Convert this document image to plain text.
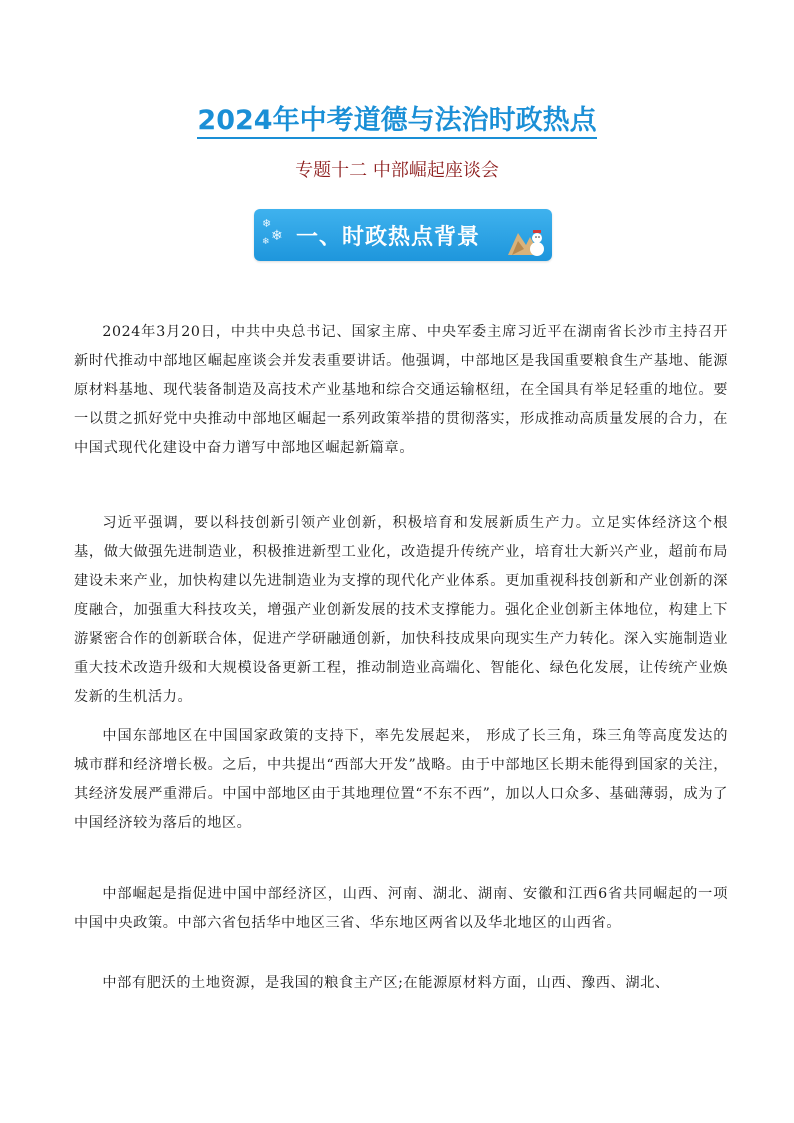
2024年中考道德与法治时政热点
专题十二 中部崛起座谈会
❄
❄
❄ 一、时政热点背景

2024年3月20日，中共中央总书记、国家主席、中央军委主席习近平在湖南省长沙市主持召开新时代推动中部地区崛起座谈会并发表重要讲话。他强调，中部地区是我国重要粮食生产基地、能源原材料基地、现代装备制造及高技术产业基地和综合交通运输枢纽，在全国具有举足轻重的地位。要一以贯之抓好党中央推动中部地区崛起一系列政策举措的贯彻落实，形成推动高质量发展的合力，在中国式现代化建设中奋力谱写中部地区崛起新篇章。

习近平强调，要以科技创新引领产业创新，积极培育和发展新质生产力。立足实体经济这个根基，做大做强先进制造业，积极推进新型工业化，改造提升传统产业，培育壮大新兴产业，超前布局建设未来产业，加快构建以先进制造业为支撑的现代化产业体系。更加重视科技创新和产业创新的深度融合，加强重大科技攻关，增强产业创新发展的技术支撑能力。强化企业创新主体地位，构建上下游紧密合作的创新联合体，促进产学研融通创新，加快科技成果向现实生产力转化。深入实施制造业重大技术改造升级和大规模设备更新工程，推动制造业高端化、智能化、绿色化发展，让传统产业焕发新的生机活力。

中国东部地区在中国国家政策的支持下，率先发展起来， 形成了长三角，珠三角等高度发达的城市群和经济增长极。之后，中共提出“西部大开发”战略。由于中部地区长期未能得到国家的关注，其经济发展严重滞后。中国中部地区由于其地理位置“不东不西”，加以人口众多、基础薄弱，成为了中国经济较为落后的地区。

中部崛起是指促进中国中部经济区，山西、河南、湖北、湖南、安徽和江西6省共同崛起的一项中国中央政策。中部六省包括华中地区三省、华东地区两省以及华北地区的山西省。

中部有肥沃的土地资源，是我国的粮食主产区;在能源原材料方面，山西、豫西、湖北、
